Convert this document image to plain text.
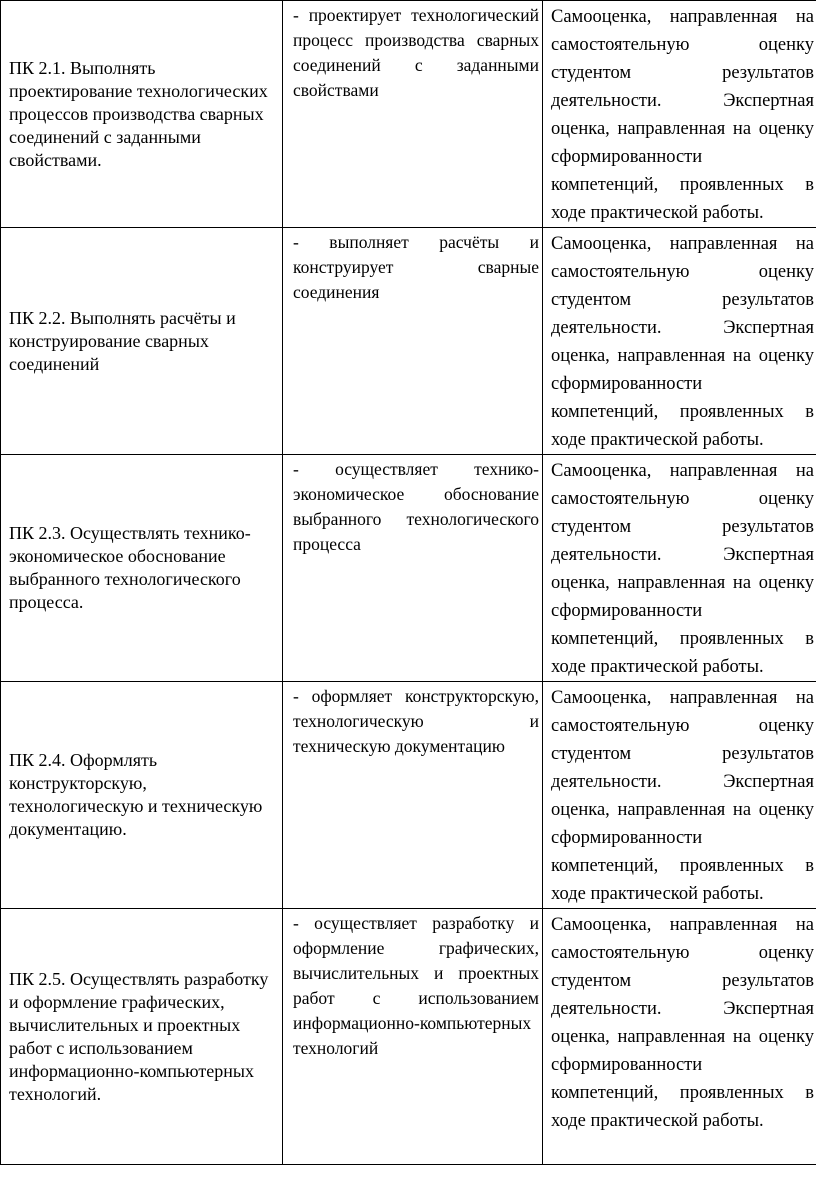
ПК 2.1. Выполнять проектирование технологических процессов производства сварных соединений с заданными свойствами.	- проектирует технологический процесс производства сварных соединений с заданными свойствами	Самооценка, направленная на самостоятельную оценку студентом результатов деятельности. Экспертная оценка, направленная на оценку сформированности компетенций, проявленных в ходе практической работы.
ПК 2.2. Выполнять расчёты и конструирование сварных соединений	- выполняет расчёты и конструирует сварные соединения	Самооценка, направленная на самостоятельную оценку студентом результатов деятельности. Экспертная оценка, направленная на оценку сформированности компетенций, проявленных в ходе практической работы.
ПК 2.3. Осуществлять технико-экономическое обоснование выбранного технологического процесса.	- осуществляет технико-экономическое обоснование выбранного технологического процесса	Самооценка, направленная на самостоятельную оценку студентом результатов деятельности. Экспертная оценка, направленная на оценку сформированности компетенций, проявленных в ходе практической работы.
ПК 2.4. Оформлять конструкторскую, технологическую и техническую документацию.	- оформляет конструкторскую, технологическую и техническую документацию	Самооценка, направленная на самостоятельную оценку студентом результатов деятельности. Экспертная оценка, направленная на оценку сформированности компетенций, проявленных в ходе практической работы.
ПК 2.5. Осуществлять разработку и оформление графических, вычислительных и проектных работ с использованием информационно-компьютерных технологий.	- осуществляет разработку и оформление графических, вычислительных и проектных работ с использованием информационно-компьютерных технологий	Самооценка, направленная на самостоятельную оценку студентом результатов деятельности. Экспертная оценка, направленная на оценку сформированности компетенций, проявленных в ходе практической работы.
